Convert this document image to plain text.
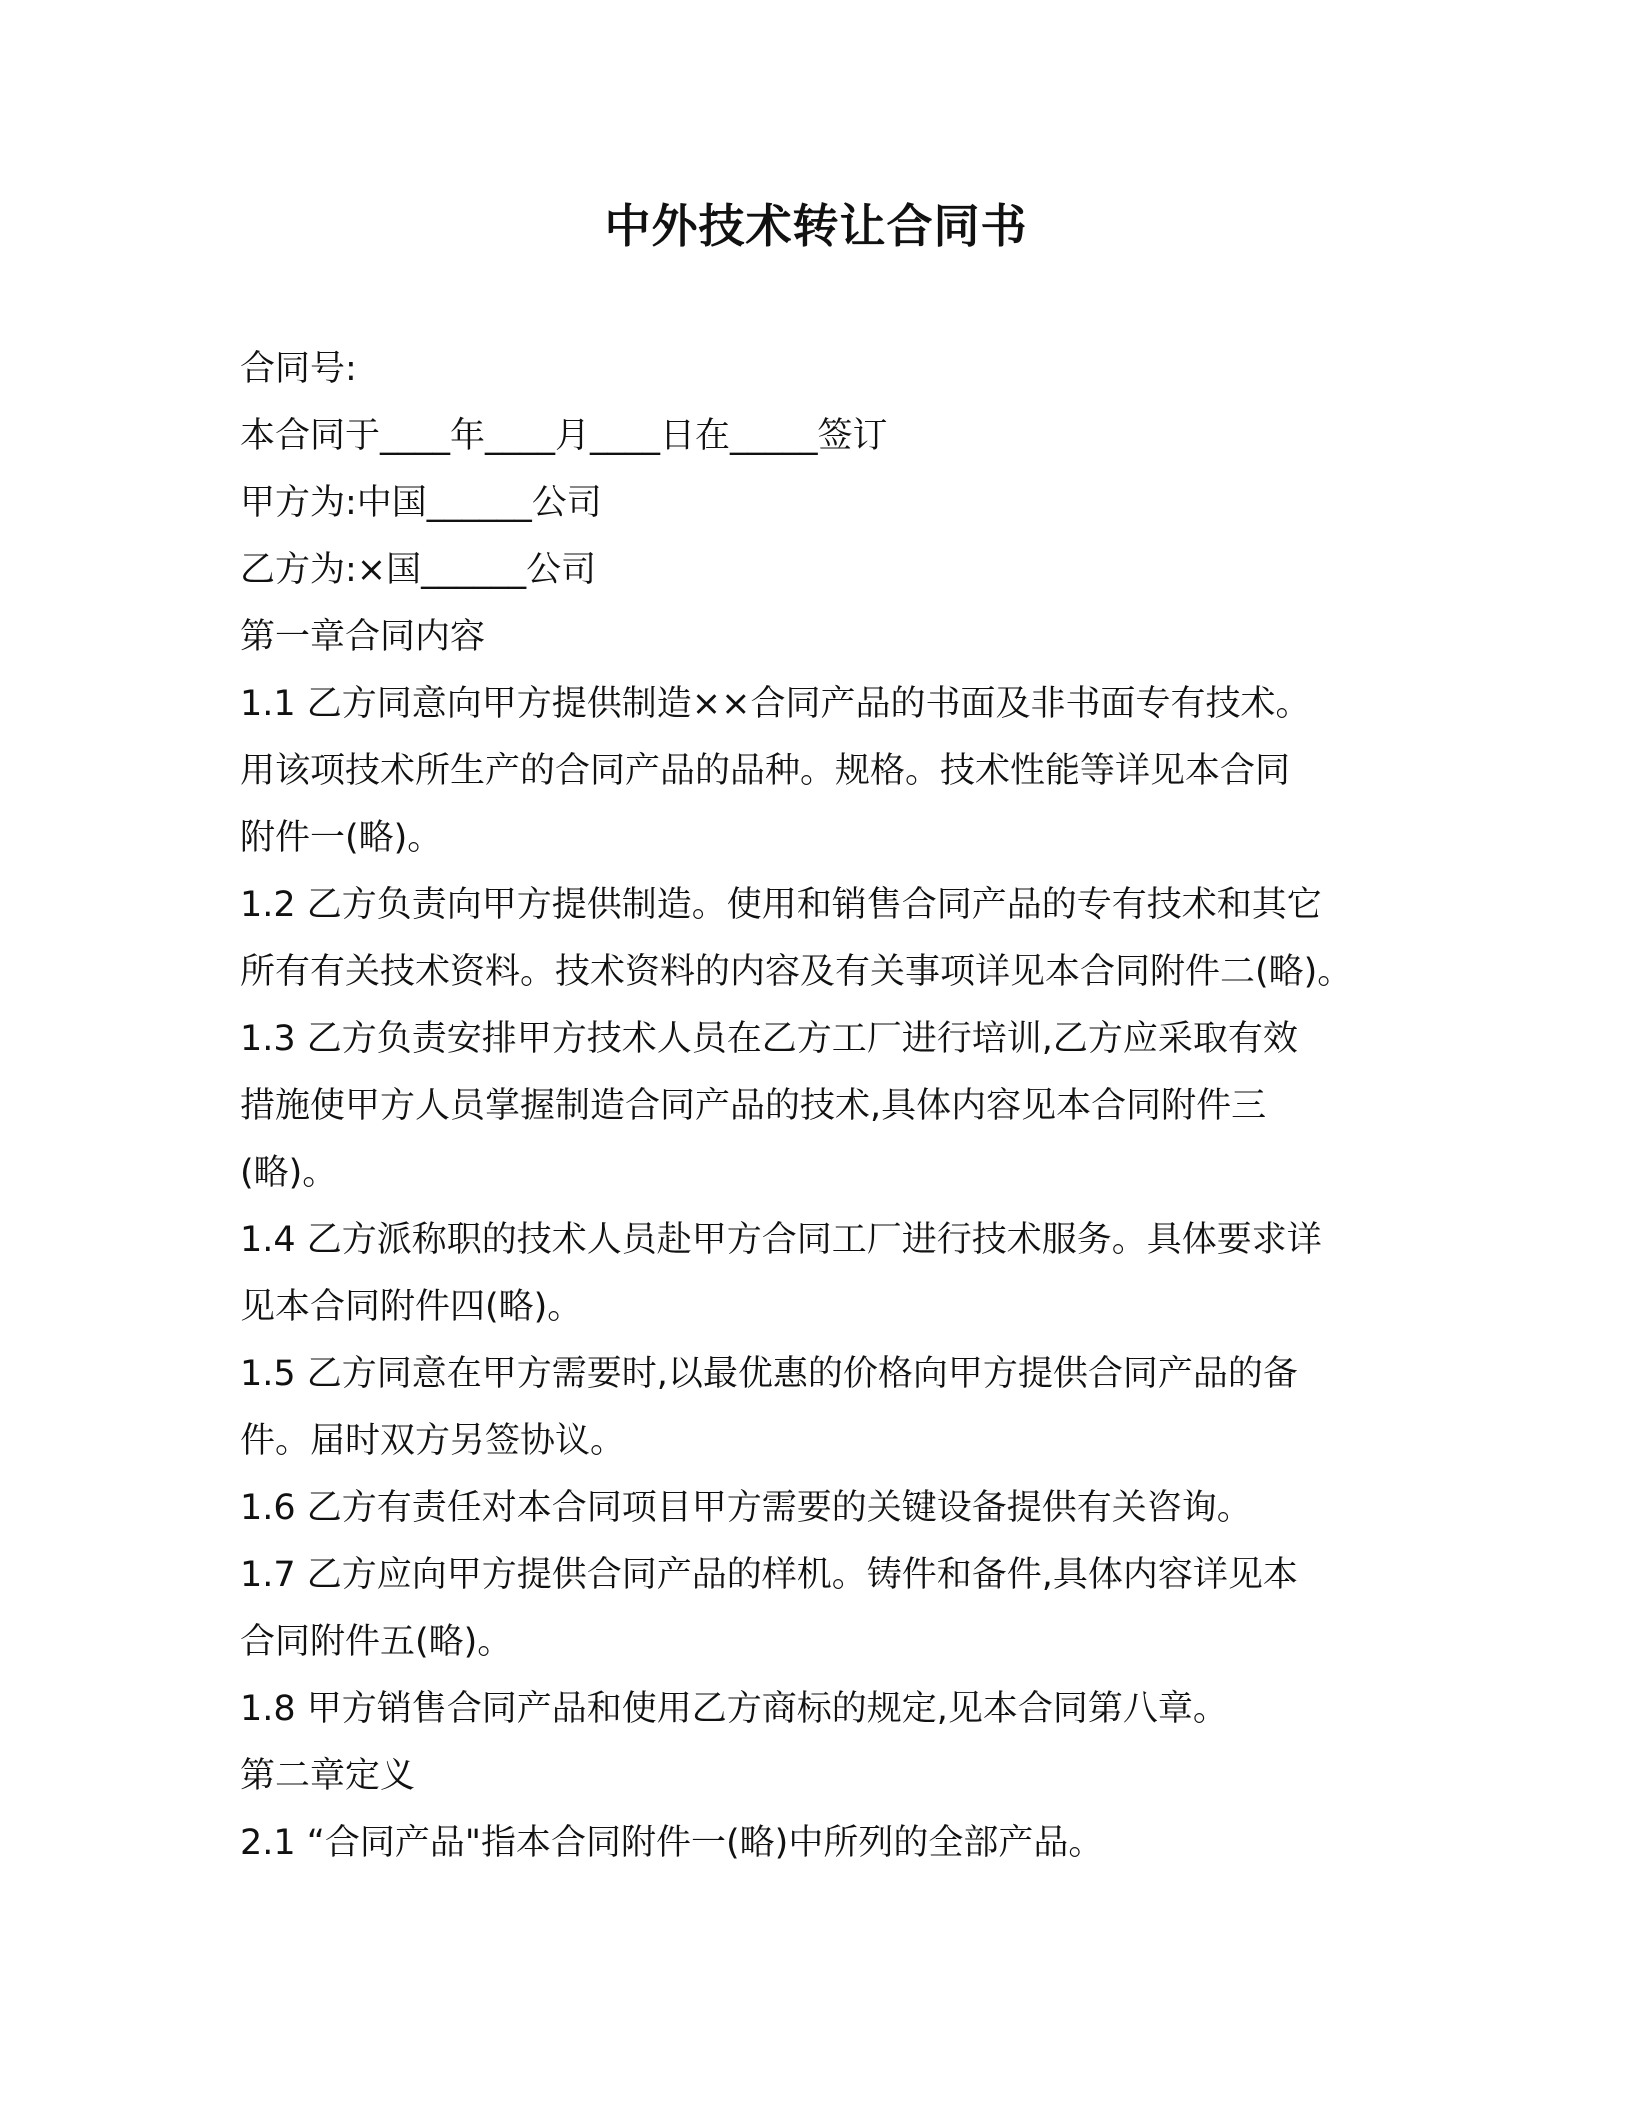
中外技术转让合同书
合同号:
本合同于____年____月____日在_____签订
甲方为:中国______公司
乙方为:×国______公司
第一章合同内容
1.1 乙方同意向甲方提供制造××合同产品的书面及非书面专有技术。
用该项技术所生产的合同产品的品种。规格。技术性能等详见本合同
附件一(略)。
1.2 乙方负责向甲方提供制造。使用和销售合同产品的专有技术和其它
所有有关技术资料。技术资料的内容及有关事项详见本合同附件二(略)。
1.3 乙方负责安排甲方技术人员在乙方工厂进行培训,乙方应采取有效
措施使甲方人员掌握制造合同产品的技术,具体内容见本合同附件三
(略)。
1.4 乙方派称职的技术人员赴甲方合同工厂进行技术服务。具体要求详
见本合同附件四(略)。
1.5 乙方同意在甲方需要时,以最优惠的价格向甲方提供合同产品的备
件。届时双方另签协议。
1.6 乙方有责任对本合同项目甲方需要的关键设备提供有关咨询。
1.7 乙方应向甲方提供合同产品的样机。铸件和备件,具体内容详见本
合同附件五(略)。
1.8 甲方销售合同产品和使用乙方商标的规定,见本合同第八章。
第二章定义
2.1 “合同产品"指本合同附件一(略)中所列的全部产品。
